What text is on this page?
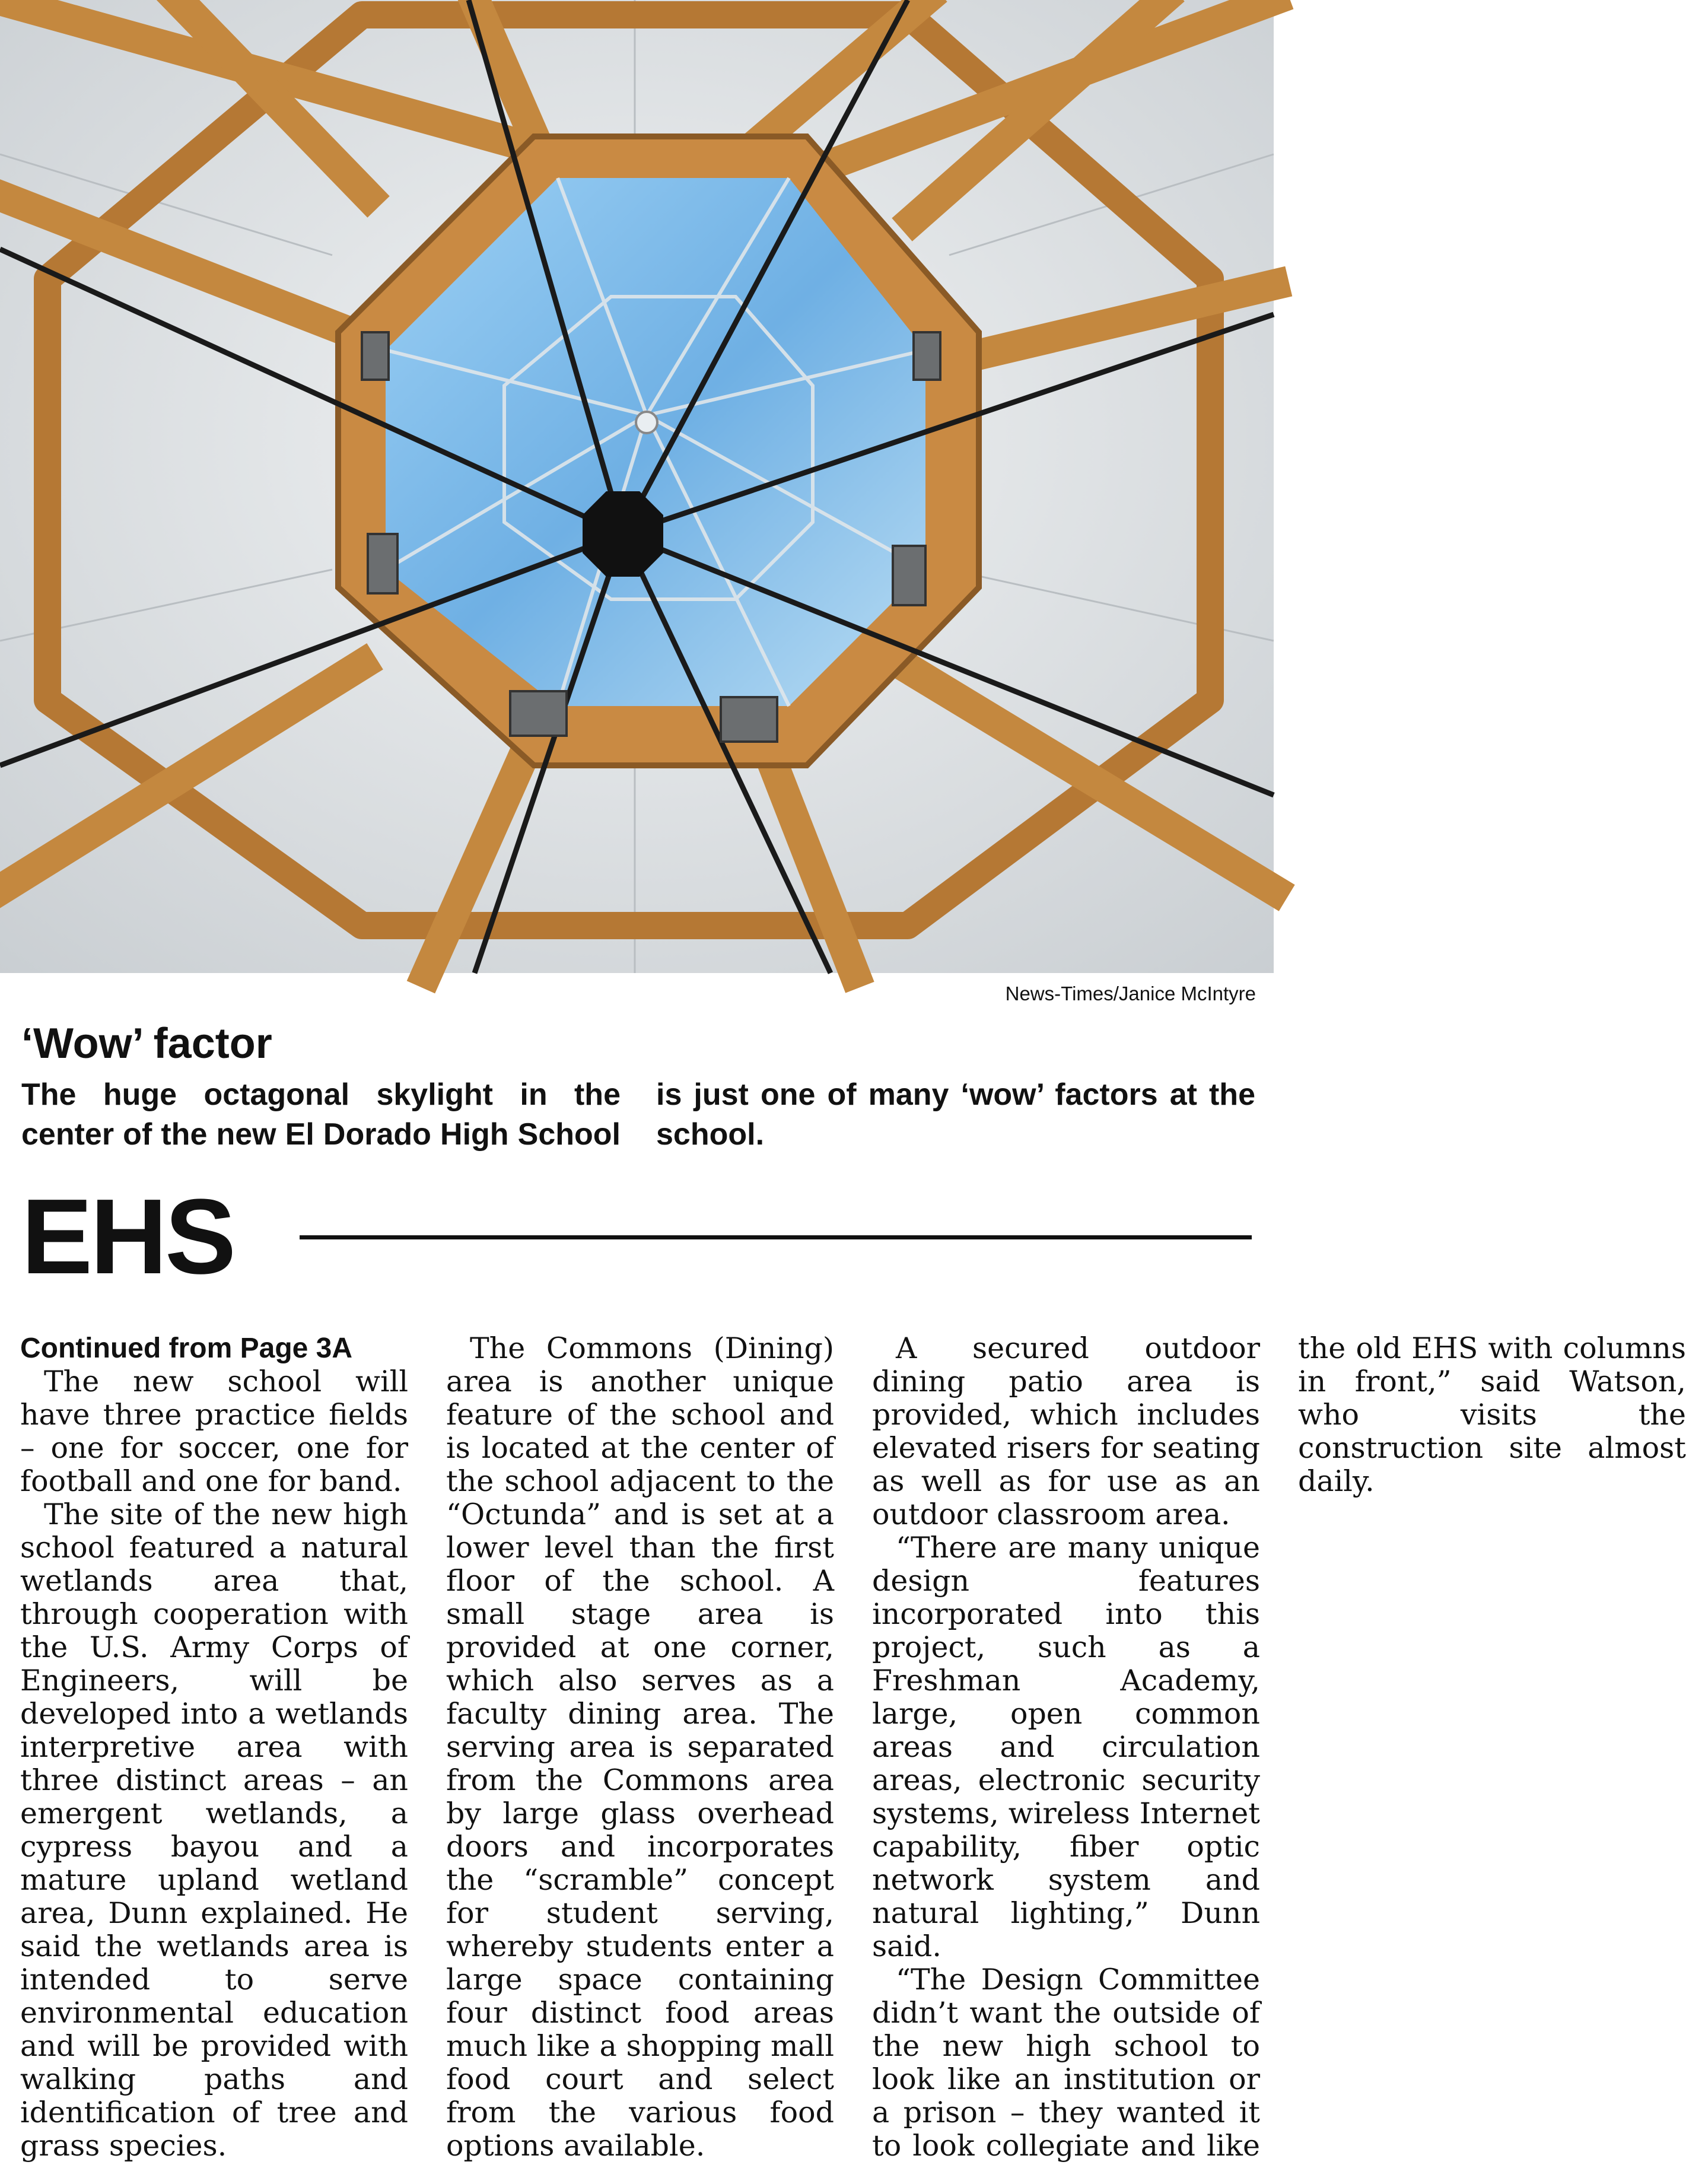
News-Times/Janice McIntyre
‘Wow’ factor

The huge octagonal skylight in the center of the new El Dorado High School is just one of many ‘wow’ factors at the school.

EHS

Continued from Page 3A

The new school will have three practice fields – one for soccer, one for football and one for band.

The site of the new high school featured a natural wetlands area that, through cooperation with the U.S. Army Corps of Engineers, will be developed into a wetlands interpretive area with three distinct areas – an emergent wetlands, a cypress bayou and a mature upland wetland area, Dunn explained. He said the wetlands area is intended to serve environmental education and will be provided with walking paths and identification of tree and grass species.

The Commons (Dining) area is another unique feature of the school and is located at the center of the school adjacent to the “Octunda” and is set at a lower level than the first floor of the school. A small stage area is provided at one corner, which also serves as a faculty dining area. The serving area is separated from the Commons area by large glass overhead doors and incorporates the “scramble” concept for student serving, whereby students enter a large space containing four distinct food areas much like a shopping mall food court and select from the various food options available.

A secured outdoor dining patio area is provided, which includes elevated risers for seating as well as for use as an outdoor classroom area.

“There are many unique design features incorporated into this project, such as a Freshman Academy, large, open common areas and circulation areas, electronic security systems, wireless Internet capability, fiber optic network system and natural lighting,” Dunn said.

“The Design Committee didn’t want the outside of the new high school to look like an institution or a prison – they wanted it to look collegiate and like the old EHS with columns in front,” said Watson, who visits the construction site almost daily.
